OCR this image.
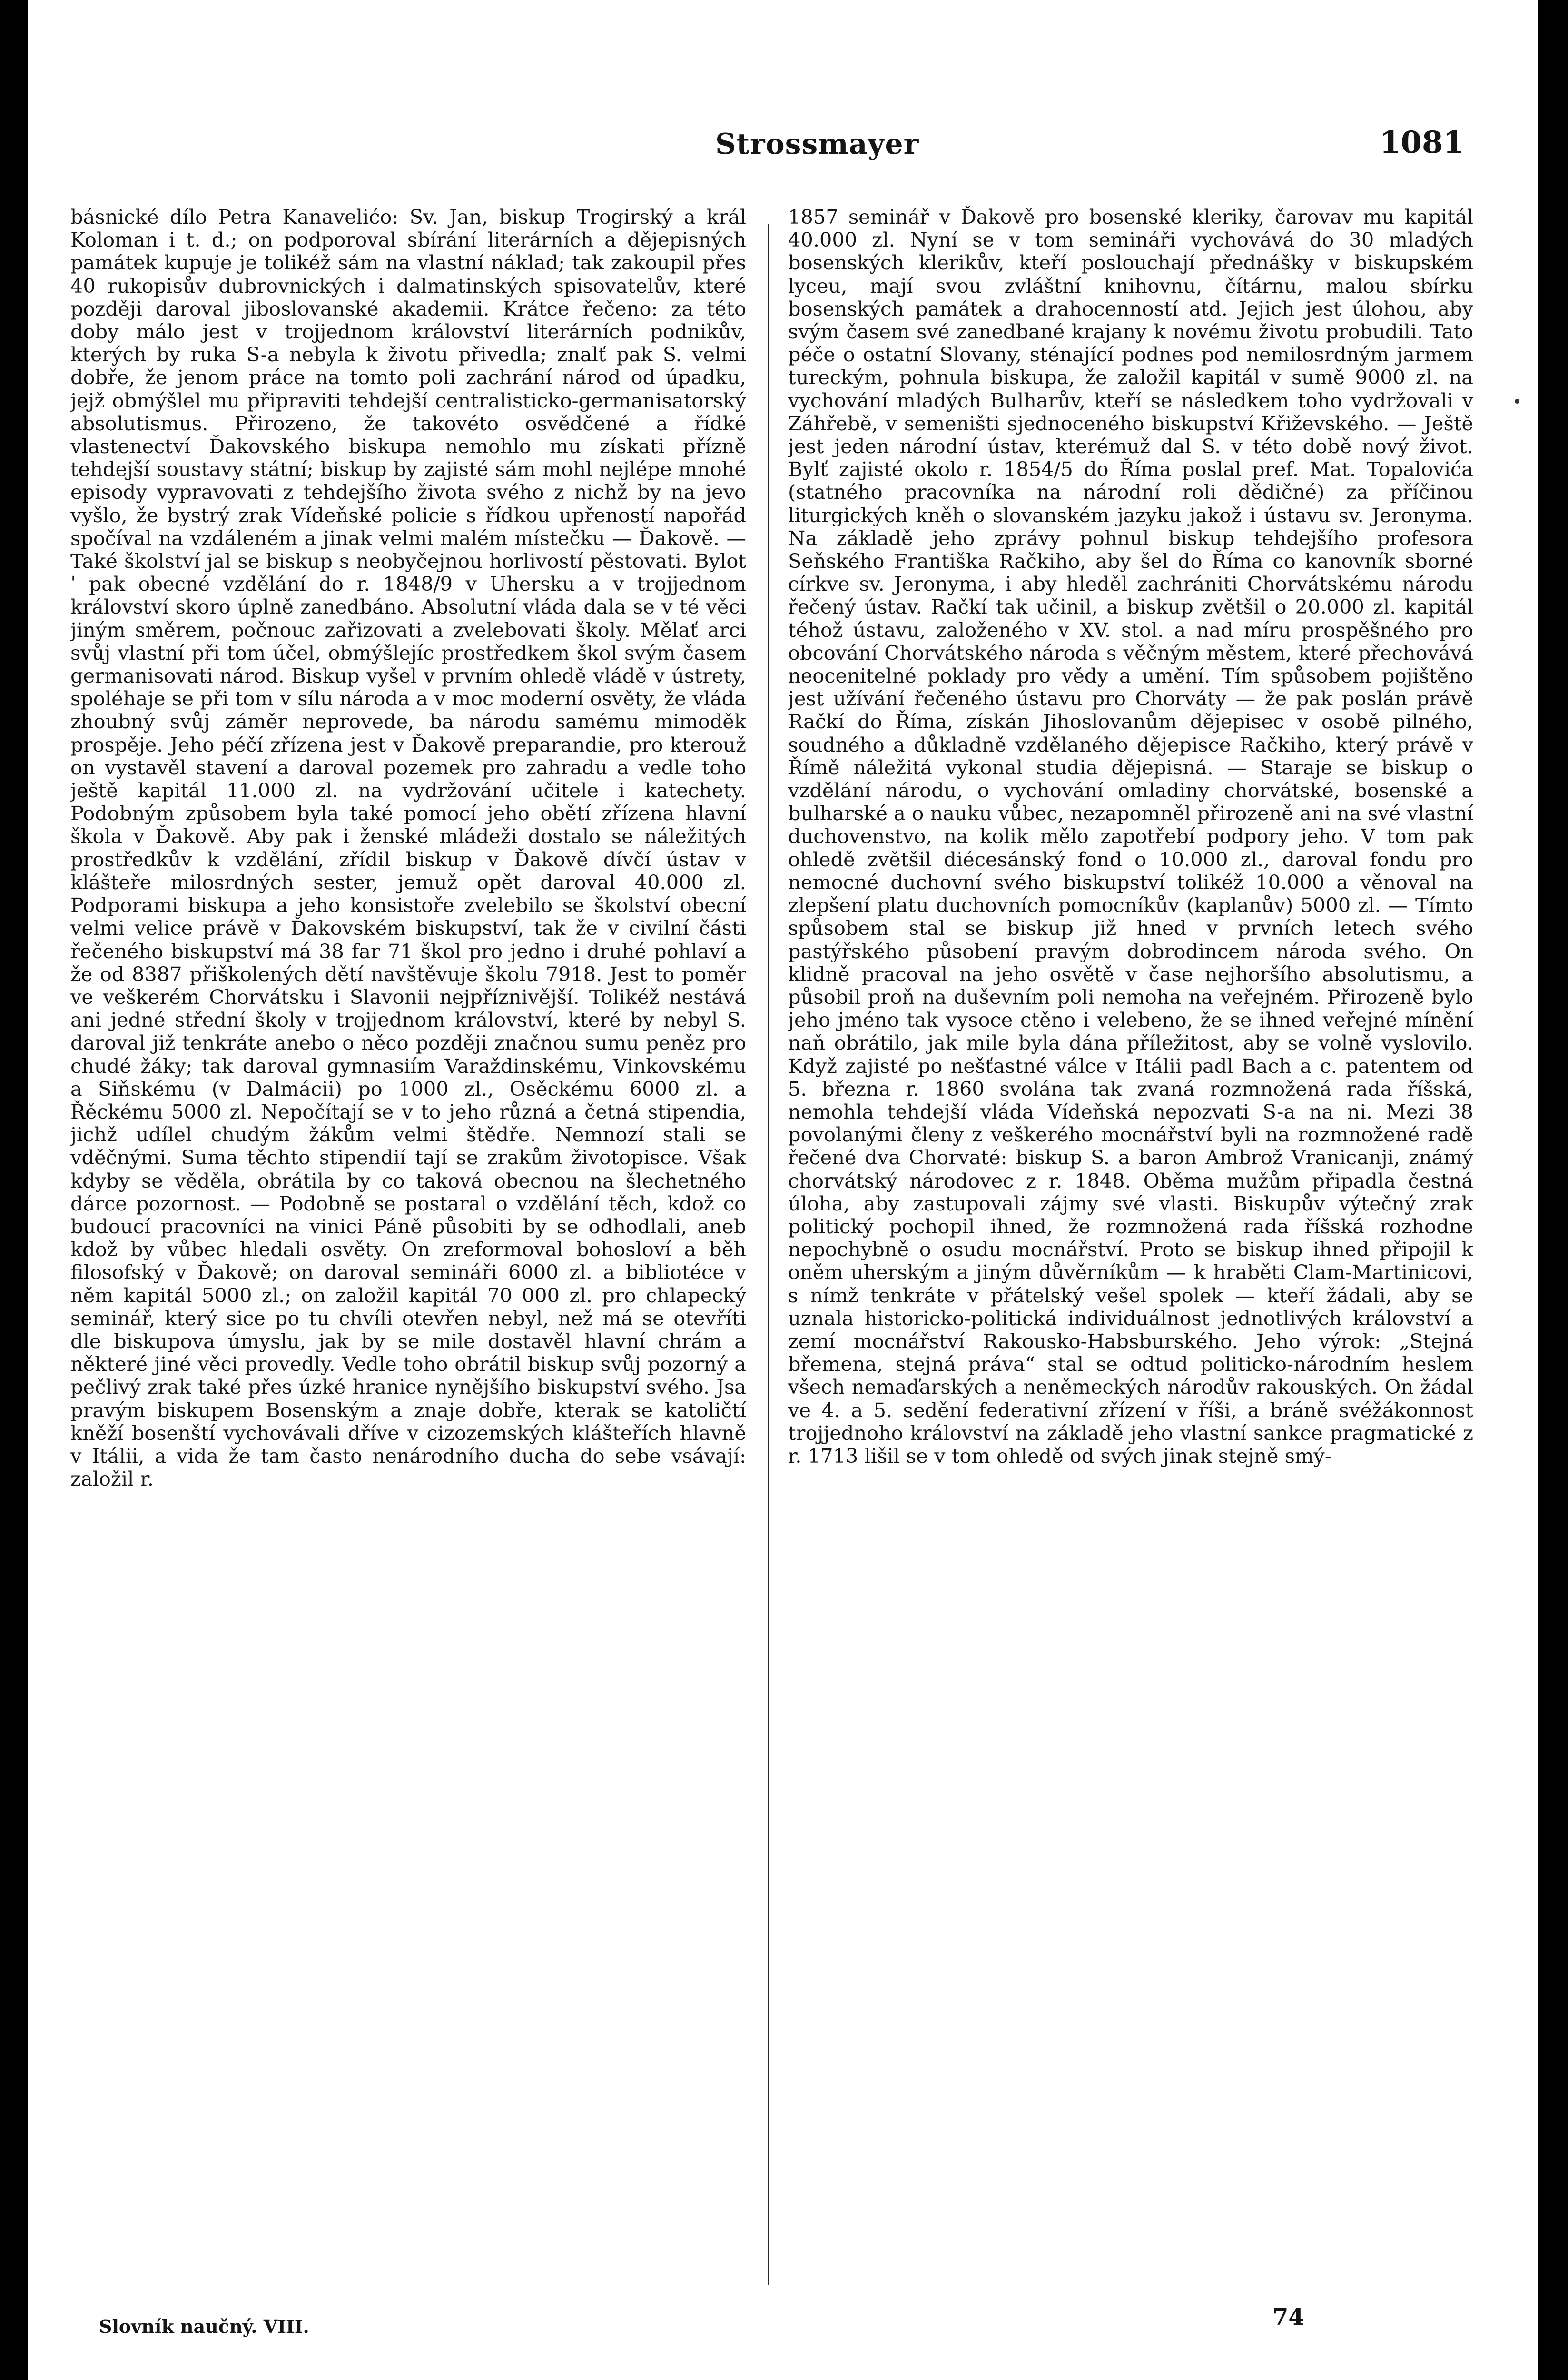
Strossmayer	1081

básnické dílo Petra Kanavelićo: Sv. Jan, biskup Trogirský a král Koloman i t. d.; on podporoval sbírání literárních a dějepisných památek kupuje je tolikéž sám na vlastní náklad; tak zakoupil přes 40 rukopisův dubrovnických i dalmatinských spisovatelův, které později daroval jiboslovanské akademii. Krátce řečeno: za této doby málo jest v trojjednom království literárních podnikův, kterých by ruka S-a nebyla k životu přivedla; znalť pak S. velmi dobře, že jenom práce na tomto poli zachrání národ od úpadku, jejž obmýšlel mu připraviti tehdejší centralisticko-germanisatorský absolutismus. Přirozeno, že takovéto osvědčené a řídké vlastenectví Ďakovského biskupa nemohlo mu získati přízně tehdejší soustavy státní; biskup by zajisté sám mohl nejlépe mnohé episody vypravovati z tehdejšího života svého z nichž by na jevo vyšlo, že bystrý zrak Vídeňské policie s řídkou upřeností napořád spočíval na vzdáleném a jinak velmi malém místečku — Ďakově. — Také školství jal se biskup s neobyčejnou horlivostí pěstovati. Bylotˈ pak obecné vzdělání do r. 1848/9 v Uhersku a v trojjednom království skoro úplně zanedbáno. Absolutní vláda dala se v té věci jiným směrem, počnouc zařizovati a zvelebovati školy. Mělať arci svůj vlastní při tom účel, obmýšlejíc prostředkem škol svým časem germanisovati národ. Biskup vyšel v prvním ohledě vládě v ústrety, spoléhaje se při tom v sílu národa a v moc moderní osvěty, že vláda zhoubný svůj záměr neprovede, ba národu samému mimoděk prospěje. Jeho péčí zřízena jest v Ďakově preparandie, pro kterouž on vystavěl stavení a daroval pozemek pro zahradu a vedle toho ještě kapitál 11.000 zl. na vydržování učitele i katechety. Podobným způsobem byla také pomocí jeho obětí zřízena hlavní škola v Ďakově. Aby pak i ženské mládeži dostalo se náležitých prostředkův k vzdělání, zřídil biskup v Ďakově dívčí ústav v klášteře milosrdných sester, jemuž opět daroval 40.000 zl. Podporami biskupa a jeho konsistoře zvelebilo se školství obecní velmi velice právě v Ďakovském biskupství, tak že v civilní části řečeného biskupství má 38 far 71 škol pro jedno i druhé pohlaví a že od 8387 přiškolených dětí navštěvuje školu 7918. Jest to poměr ve veškerém Chorvátsku i Slavonii nejpříznivější. Tolikéž nestává ani jedné střední školy v trojjednom království, které by nebyl S. daroval již tenkráte anebo o něco později značnou sumu peněz pro chudé žáky; tak daroval gymnasiím Varaždinskému, Vinkovskému a Siňskému (v Dalmácii) po 1000 zl., Osěckému 6000 zl. a Řěckému 5000 zl. Nepočítají se v to jeho různá a četná stipendia, jichž udílel chudým žákům velmi štědře. Nemnozí stali se vděčnými. Suma těchto stipendií tají se zrakům životopisce. Však kdyby se věděla, obrátila by co taková obecnou na šlechetného dárce pozornost. — Podobně se postaral o vzdělání těch, kdož co budoucí pracovníci na vinici Páně působiti by se odhodlali, aneb kdož by vůbec hledali osvěty. On zreformoval bohosloví a běh filosofský v Ďakově; on daroval semináři 6000 zl. a bibliotéce v něm kapitál 5000 zl.; on založil kapitál 70 000 zl. pro chlapecký seminář, který sice po tu chvíli otevřen nebyl, než má se otevříti dle biskupova úmyslu, jak by se mile dostavěl hlavní chrám a některé jiné věci provedly. Vedle toho obrátil biskup svůj pozorný a pečlivý zrak také přes úzké hranice nynějšího biskupství svého. Jsa pravým biskupem Bosenským a znaje dobře, kterak se katoličtí kněží bosenští vychovávali dříve v cizozemských klášteřích hlavně v Itálii, a vida že tam často nenárodního ducha do sebe vsávají: založil r.

1857 seminář v Ďakově pro bosenské kleriky, čarovav mu kapitál 40.000 zl. Nyní se v tom semináři vychovává do 30 mladých bosenských klerikův, kteří poslouchají přednášky v biskupském lyceu, mají svou zvláštní knihovnu, čítárnu, malou sbírku bosenských památek a drahocenností atd. Jejich jest úlohou, aby svým časem své zanedbané krajany k novému životu probudili. Tato péče o ostatní Slovany, sténající podnes pod nemilosrdným jarmem tureckým, pohnula biskupa, že založil kapitál v sumě 9000 zl. na vychování mladých Bulharův, kteří se následkem toho vydržovali v Záhřebě, v semeništi sjednoceného biskupství Křiževského. — Ještě jest jeden národní ústav, kterémuž dal S. v této době nový život. Bylť zajisté okolo r. 1854/5 do Říma poslal pref. Mat. Topalovića (statného pracovníka na národní roli dědičné) za příčinou liturgických kněh o slovanském jazyku jakož i ústavu sv. Jeronyma. Na základě jeho zprávy pohnul biskup tehdejšího profesora Seňského Františka Račkiho, aby šel do Říma co kanovník sborné církve sv. Jeronyma, i aby hleděl zachrániti Chorvátskému národu řečený ústav. Račkí tak učinil, a biskup zvětšil o 20.000 zl. kapitál téhož ústavu, založeného v XV. stol. a nad míru prospěšného pro obcování Chorvátského národa s věčným městem, které přechovává neocenitelné poklady pro vědy a umění. Tím spůsobem pojištěno jest užívání řečeného ústavu pro Chorváty — že pak poslán právě Račkí do Říma, získán Jihoslovanům dějepisec v osobě pilného, soudného a důkladně vzdělaného dějepisce Račkiho, který právě v Římě náležitá vykonal studia dějepisná. — Staraje se biskup o vzdělání národu, o vychování omladiny chorvátské, bosenské a bulharské a o nauku vůbec, nezapomněl přirozeně ani na své vlastní duchovenstvo, na kolik mělo zapotřebí podpory jeho. V tom pak ohledě zvětšil diécesánský fond o 10.000 zl., daroval fondu pro nemocné duchovní svého biskupství tolikéž 10.000 a věnoval na zlepšení platu duchovních pomocníkův (kaplanův) 5000 zl. — Tímto spůsobem stal se biskup již hned v prvních letech svého pastýřského působení pravým dobrodincem národa svého. On klidně pracoval na jeho osvětě v čase nejhoršího absolutismu, a působil proň na duševním poli nemoha na veřejném. Přirozeně bylo jeho jméno tak vysoce ctěno i velebeno, že se ihned veřejné mínění naň obrátilo, jak mile byla dána příležitost, aby se volně vyslovilo. Když zajisté po nešťastné válce v Itálii padl Bach a c. patentem od 5. března r. 1860 svolána tak zvaná rozmnožená rada říšská, nemohla tehdejší vláda Vídeňská nepozvati S-a na ni. Mezi 38 povolanými členy z veškerého mocnářství byli na rozmnožené radě řečené dva Chorvaté: biskup S. a baron Ambrož Vranicanji, známý chorvátský národovec z r. 1848. Oběma mužům připadla čestná úloha, aby zastupovali zájmy své vlasti. Biskupův výtečný zrak politický pochopil ihned, že rozmnožená rada říšská rozhodne nepochybně o osudu mocnářství. Proto se biskup ihned připojil k oněm uherským a jiným důvěrníkům — k hraběti Clam-Martinicovi, s nímž tenkráte v přátelský vešel spolek — kteří žádali, aby se uznala historicko-politická individuálnost jednotlivých království a zemí mocnářství Rakousko-Habsburského. Jeho výrok: „Stejná břemena, stejná práva“ stal se odtud politicko-národním heslem všech nemaďarských a neněmeckých národův rakouských. On žádal ve 4. a 5. sedění federativní zřízení v říši, a bráně svéžákonnost trojjednoho království na základě jeho vlastní sankce pragmatické z r. 1713 lišil se v tom ohledě od svých jinak stejně smý-

Slovník naučný. VIII.	74
